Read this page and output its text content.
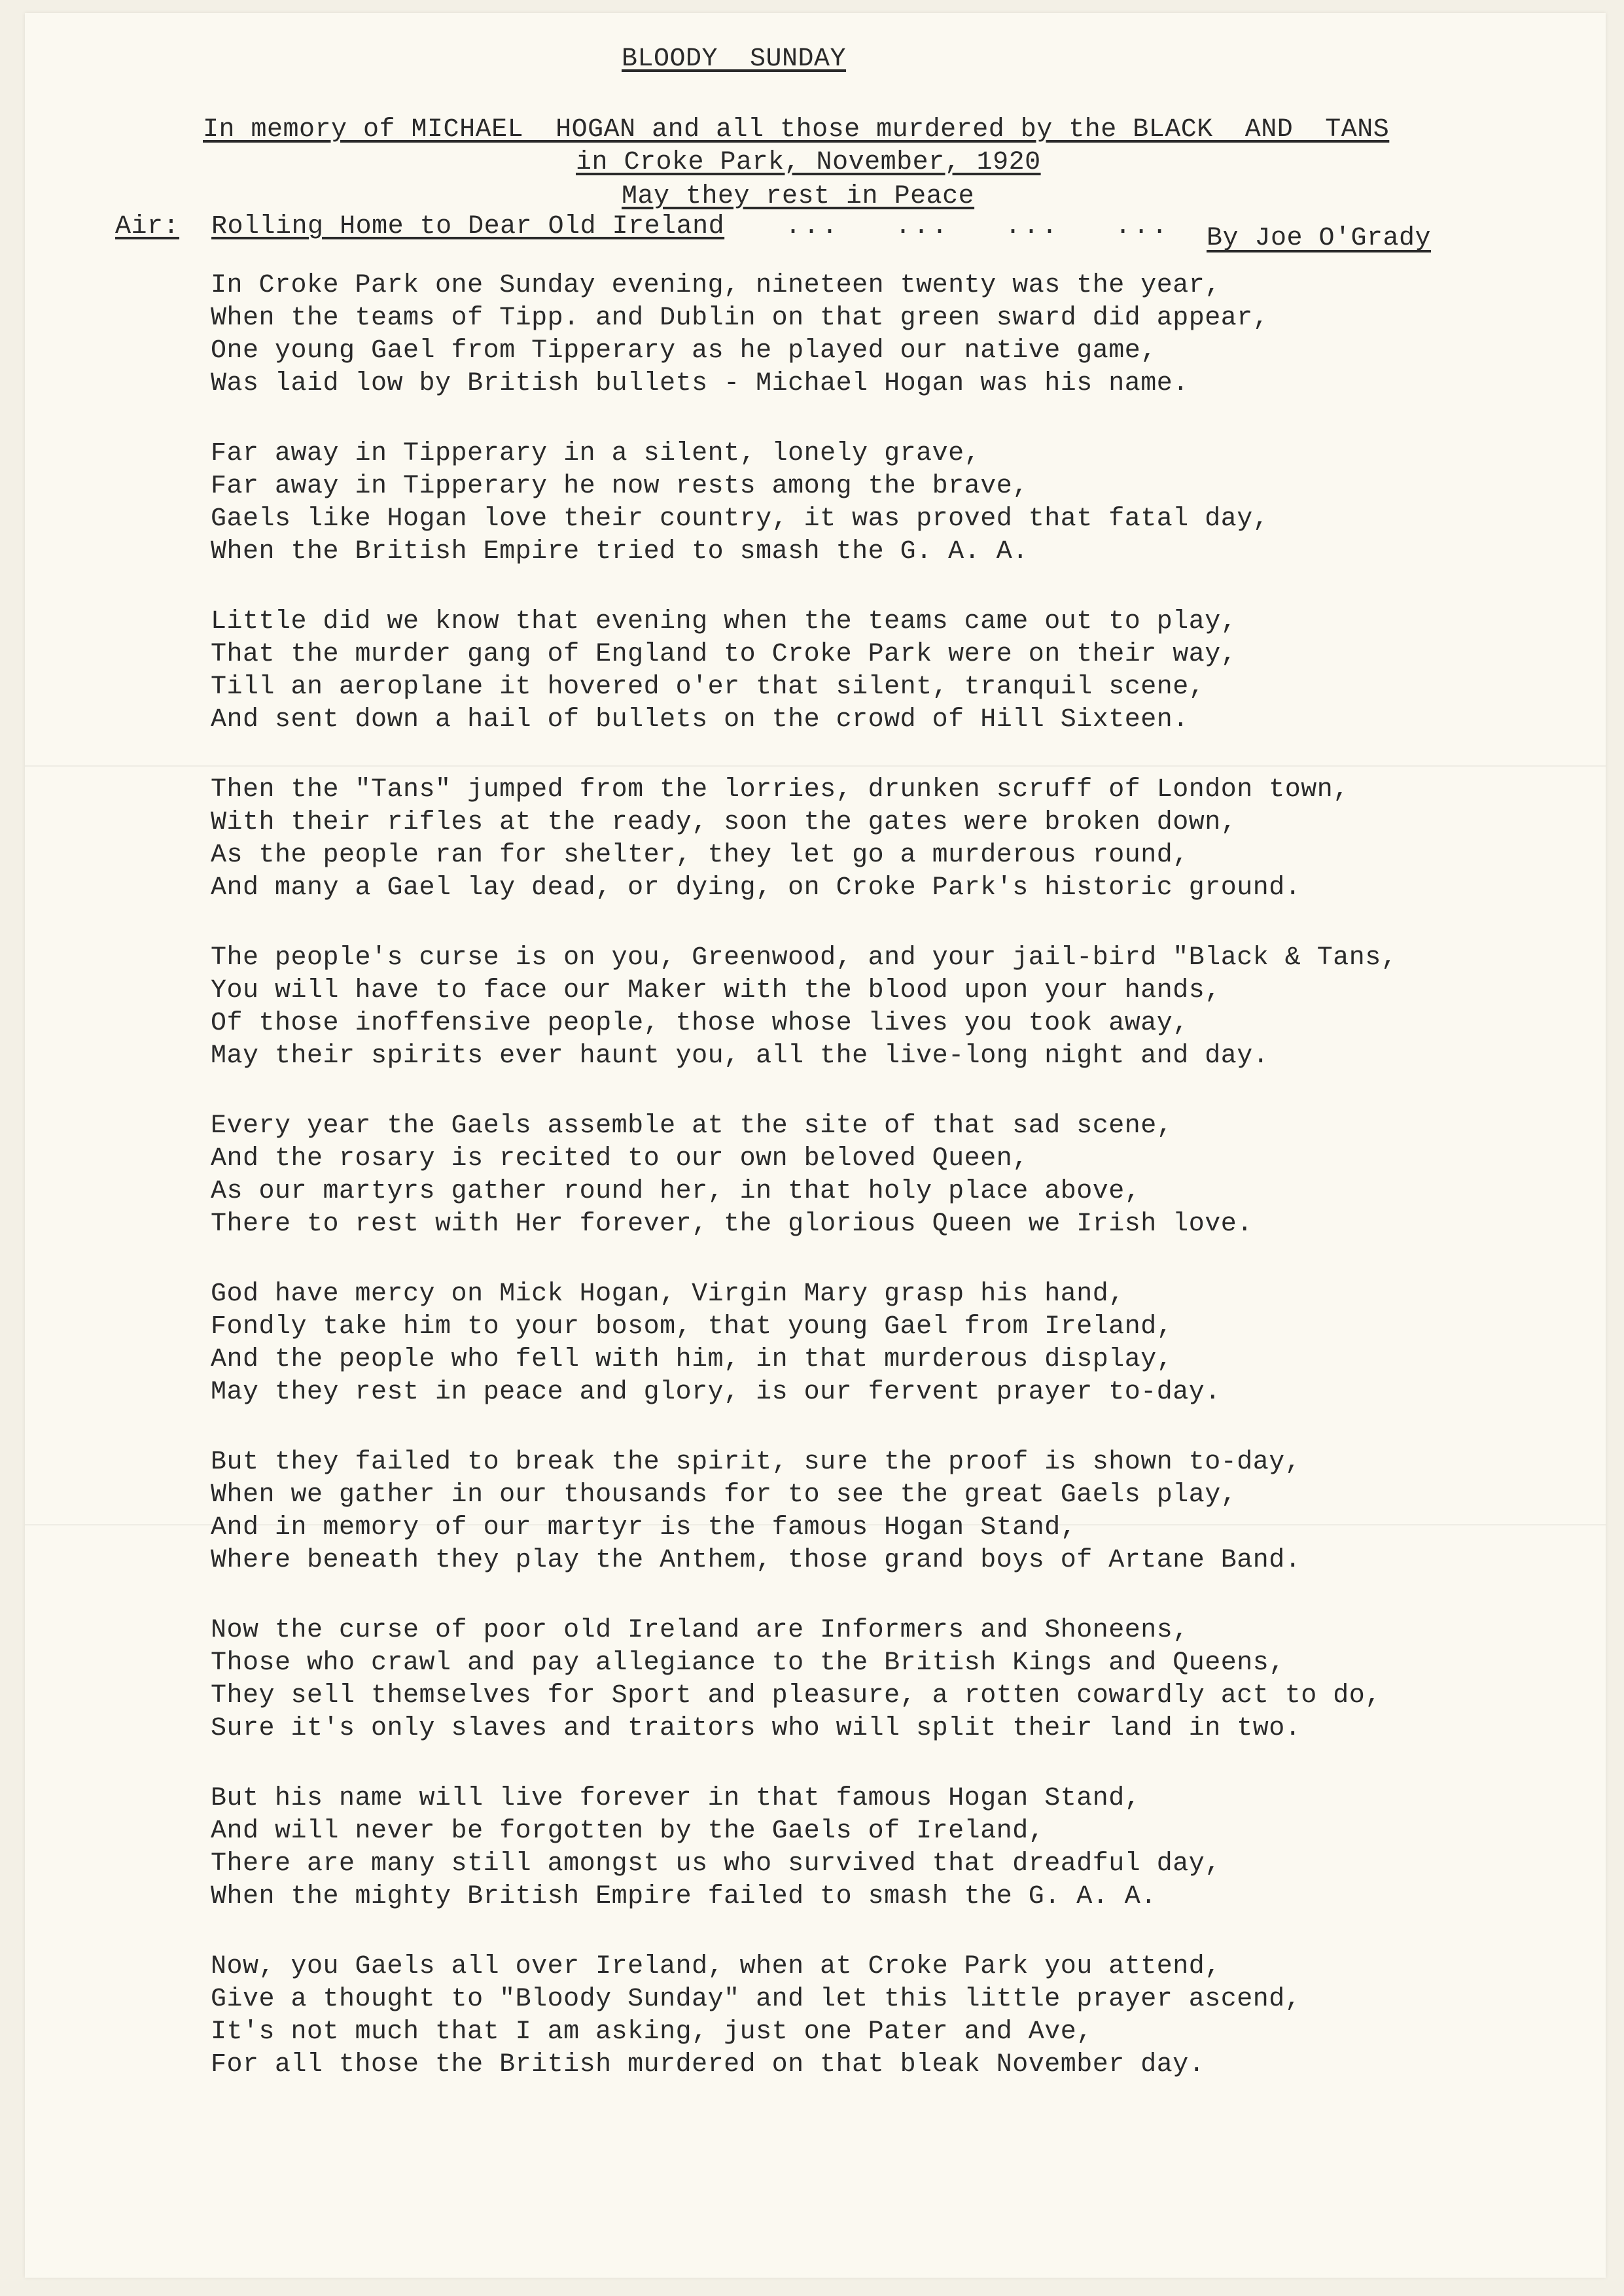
BLOODY  SUNDAY
In memory of MICHAEL  HOGAN and all those murdered by the BLACK  AND  TANS
in Croke Park, November, 1920
May they rest in Peace
Air: Rolling Home to Dear Old Ireland ...   ...   ...   ... By Joe O'Grady
In Croke Park one Sunday evening, nineteen twenty was the year,
When the teams of Tipp. and Dublin on that green sward did appear,
One young Gael from Tipperary as he played our native game,
Was laid low by British bullets - Michael Hogan was his name.
Far away in Tipperary in a silent, lonely grave,
Far away in Tipperary he now rests among the brave,
Gaels like Hogan love their country, it was proved that fatal day,
When the British Empire tried to smash the G. A. A.
Little did we know that evening when the teams came out to play,
That the murder gang of England to Croke Park were on their way,
Till an aeroplane it hovered o'er that silent, tranquil scene,
And sent down a hail of bullets on the crowd of Hill Sixteen.
Then the "Tans" jumped from the lorries, drunken scruff of London town,
With their rifles at the ready, soon the gates were broken down,
As the people ran for shelter, they let go a murderous round,
And many a Gael lay dead, or dying, on Croke Park's historic ground.
The people's curse is on you, Greenwood, and your jail-bird "Black & Tans,
You will have to face our Maker with the blood upon your hands,
Of those inoffensive people, those whose lives you took away,
May their spirits ever haunt you, all the live-long night and day.
Every year the Gaels assemble at the site of that sad scene,
And the rosary is recited to our own beloved Queen,
As our martyrs gather round her, in that holy place above,
There to rest with Her forever, the glorious Queen we Irish love.
God have mercy on Mick Hogan, Virgin Mary grasp his hand,
Fondly take him to your bosom, that young Gael from Ireland,
And the people who fell with him, in that murderous display,
May they rest in peace and glory, is our fervent prayer to-day.
But they failed to break the spirit, sure the proof is shown to-day,
When we gather in our thousands for to see the great Gaels play,
And in memory of our martyr is the famous Hogan Stand,
Where beneath they play the Anthem, those grand boys of Artane Band.
Now the curse of poor old Ireland are Informers and Shoneens,
Those who crawl and pay allegiance to the British Kings and Queens,
They sell themselves for Sport and pleasure, a rotten cowardly act to do,
Sure it's only slaves and traitors who will split their land in two.
But his name will live forever in that famous Hogan Stand,
And will never be forgotten by the Gaels of Ireland,
There are many still amongst us who survived that dreadful day,
When the mighty British Empire failed to smash the G. A. A.
Now, you Gaels all over Ireland, when at Croke Park you attend,
Give a thought to "Bloody Sunday" and let this little prayer ascend,
It's not much that I am asking, just one Pater and Ave,
For all those the British murdered on that bleak November day.
